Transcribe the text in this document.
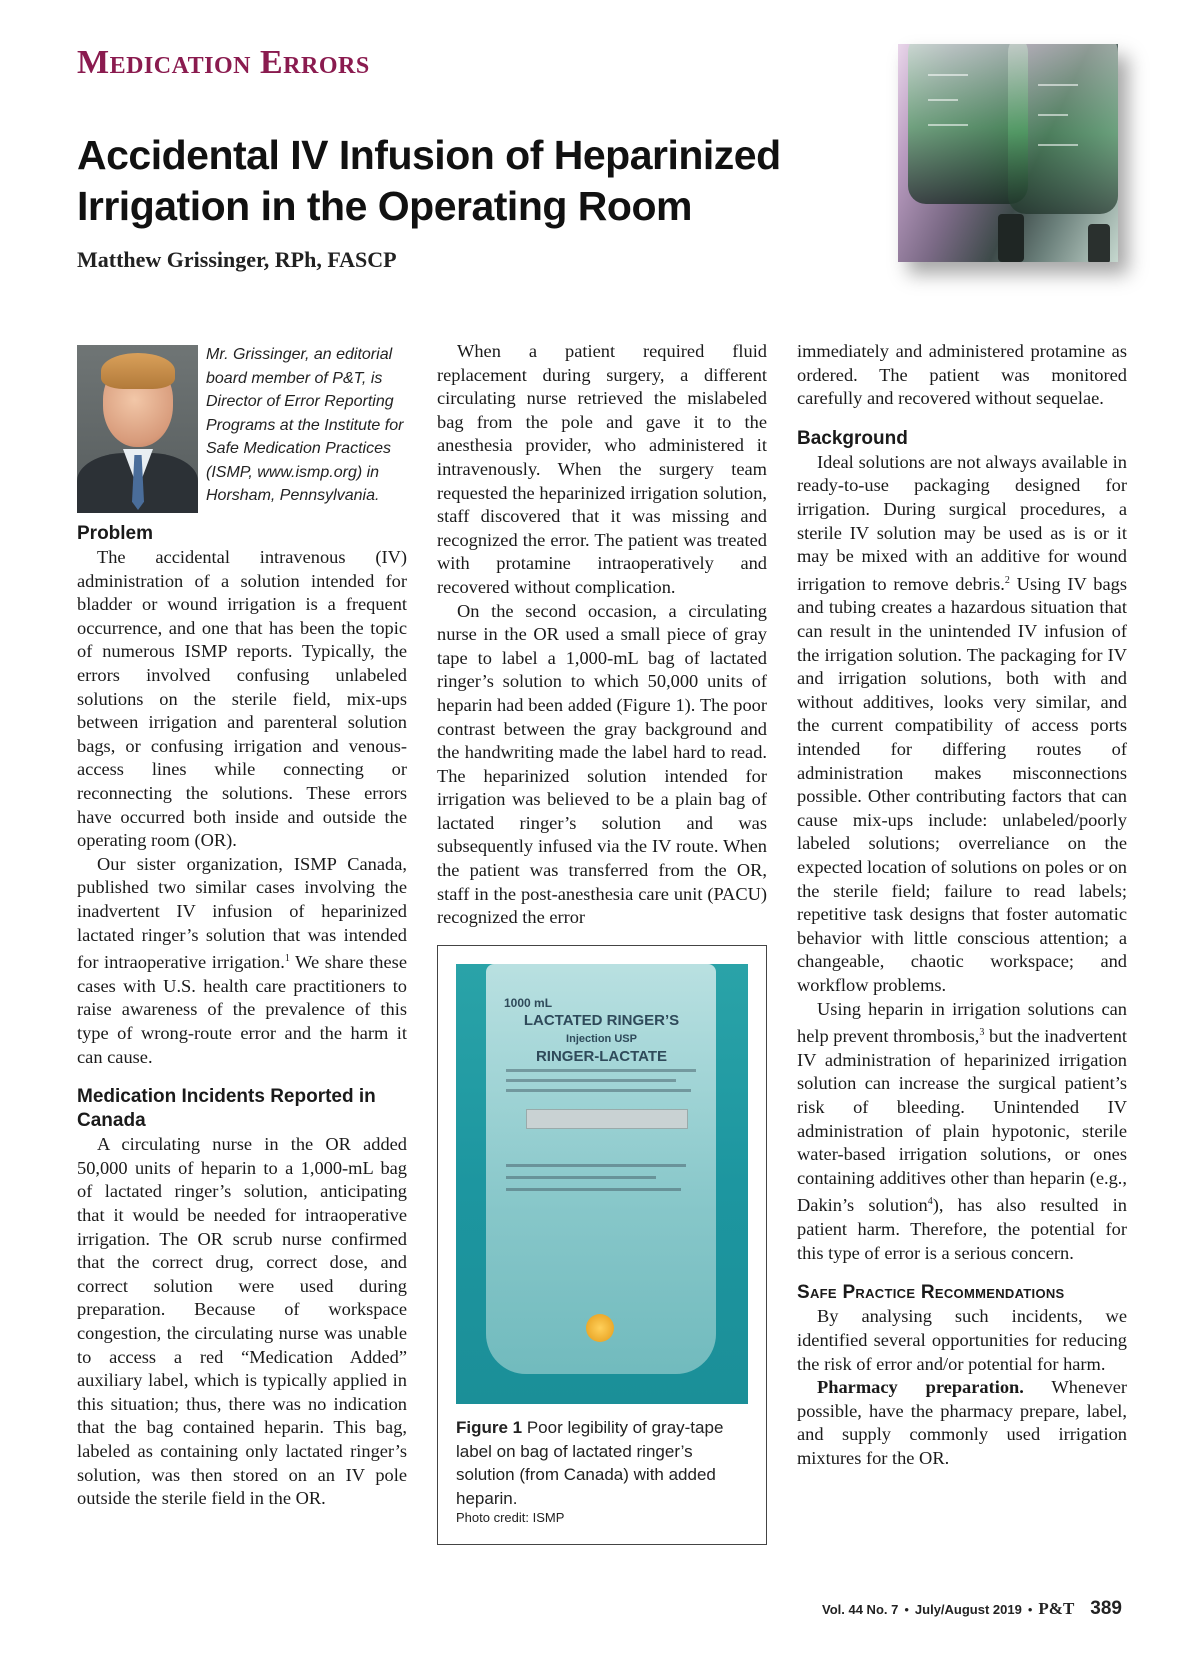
Medication Errors
Accidental IV Infusion of Heparinized Irrigation in the Operating Room
Matthew Grissinger, RPh, FASCP
Mr. Grissinger, an editorial board member of P&T, is Director of Error Reporting Programs at the Institute for Safe Medication Practices (ISMP, www.ismp.org) in Horsham, Pennsylvania.
Problem

The accidental intravenous (IV) administration of a solution intended for bladder or wound irrigation is a frequent occurrence, and one that has been the topic of numerous ISMP reports. Typically, the errors involved confusing unlabeled solutions on the sterile field, mix-ups between irrigation and parenteral solution bags, or confusing irrigation and venous-access lines while connecting or reconnecting the solutions. These errors have occurred both inside and outside the operating room (OR).

Our sister organization, ISMP Canada, published two similar cases involving the inadvertent IV infusion of heparinized lactated ringer’s solution that was intended for intraoperative irrigation.$^1$ We share these cases with U.S. health care practitioners to raise awareness of the prevalence of this type of wrong-route error and the harm it can cause.

Medication Incidents Reported in Canada

A circulating nurse in the OR added 50,000 units of heparin to a 1,000-mL bag of lactated ringer’s solution, anticipating that it would be needed for intraoperative irrigation. The OR scrub nurse confirmed that the correct drug, correct dose, and correct solution were used during preparation. Because of workspace congestion, the circulating nurse was unable to access a red “Medication Added” auxiliary label, which is typically applied in this situation; thus, there was no indication that the bag contained heparin. This bag, labeled as containing only lactated ringer’s solution, was then stored on an IV pole outside the sterile field in the OR.

When a patient required fluid replacement during surgery, a different circulating nurse retrieved the mislabeled bag from the pole and gave it to the anesthesia provider, who administered it intravenously. When the surgery team requested the heparinized irrigation solution, staff discovered that it was missing and recognized the error. The patient was treated with protamine intraoperatively and recovered without complication.

On the second occasion, a circulating nurse in the OR used a small piece of gray tape to label a 1,000-mL bag of lactated ringer’s solution to which 50,000 units of heparin had been added (Figure 1). The poor contrast between the gray background and the handwriting made the label hard to read. The heparinized solution intended for irrigation was believed to be a plain bag of lactated ringer’s solution and was subsequently infused via the IV route. When the patient was transferred from the OR, staff in the post-anesthesia care unit (PACU) recognized the error

1000 mL
LACTATED RINGER’S
Injection USP
RINGER-LACTATE
Figure 1 Poor legibility of gray-tape label on bag of lactated ringer’s solution (from Canada) with added heparin.
Photo credit: ISMP

immediately and administered protamine as ordered. The patient was monitored carefully and recovered without sequelae.

Background

Ideal solutions are not always available in ready-to-use packaging designed for irrigation. During surgical procedures, a sterile IV solution may be used as is or it may be mixed with an additive for wound irrigation to remove debris.$^2$ Using IV bags and tubing creates a hazardous situation that can result in the unintended IV infusion of the irrigation solution. The packaging for IV and irrigation solutions, both with and without additives, looks very similar, and the current compatibility of access ports intended for differing routes of administration makes misconnections possible. Other contributing factors that can cause mix-ups include: unlabeled/poorly labeled solutions; overreliance on the expected location of solutions on poles or on the sterile field; failure to read labels; repetitive task designs that foster automatic behavior with little conscious attention; a changeable, chaotic workspace; and workflow problems.

Using heparin in irrigation solutions can help prevent thrombosis,$^3$ but the inadvertent IV administration of heparinized irrigation solution can increase the surgical patient’s risk of bleeding. Unintended IV administration of plain hypotonic, sterile water-based irrigation solutions, or ones containing additives other than heparin (e.g., Dakin’s solution$^4$), has also resulted in patient harm. Therefore, the potential for this type of error is a serious concern.

Safe Practice Recommendations

By analysing such incidents, we identified several opportunities for reducing the risk of error and/or potential for harm.

Pharmacy preparation. Whenever possible, have the pharmacy prepare, label, and supply commonly used irrigation mixtures for the OR.

Vol. 44 No. 7 • July/August 2019 • P&T 389
